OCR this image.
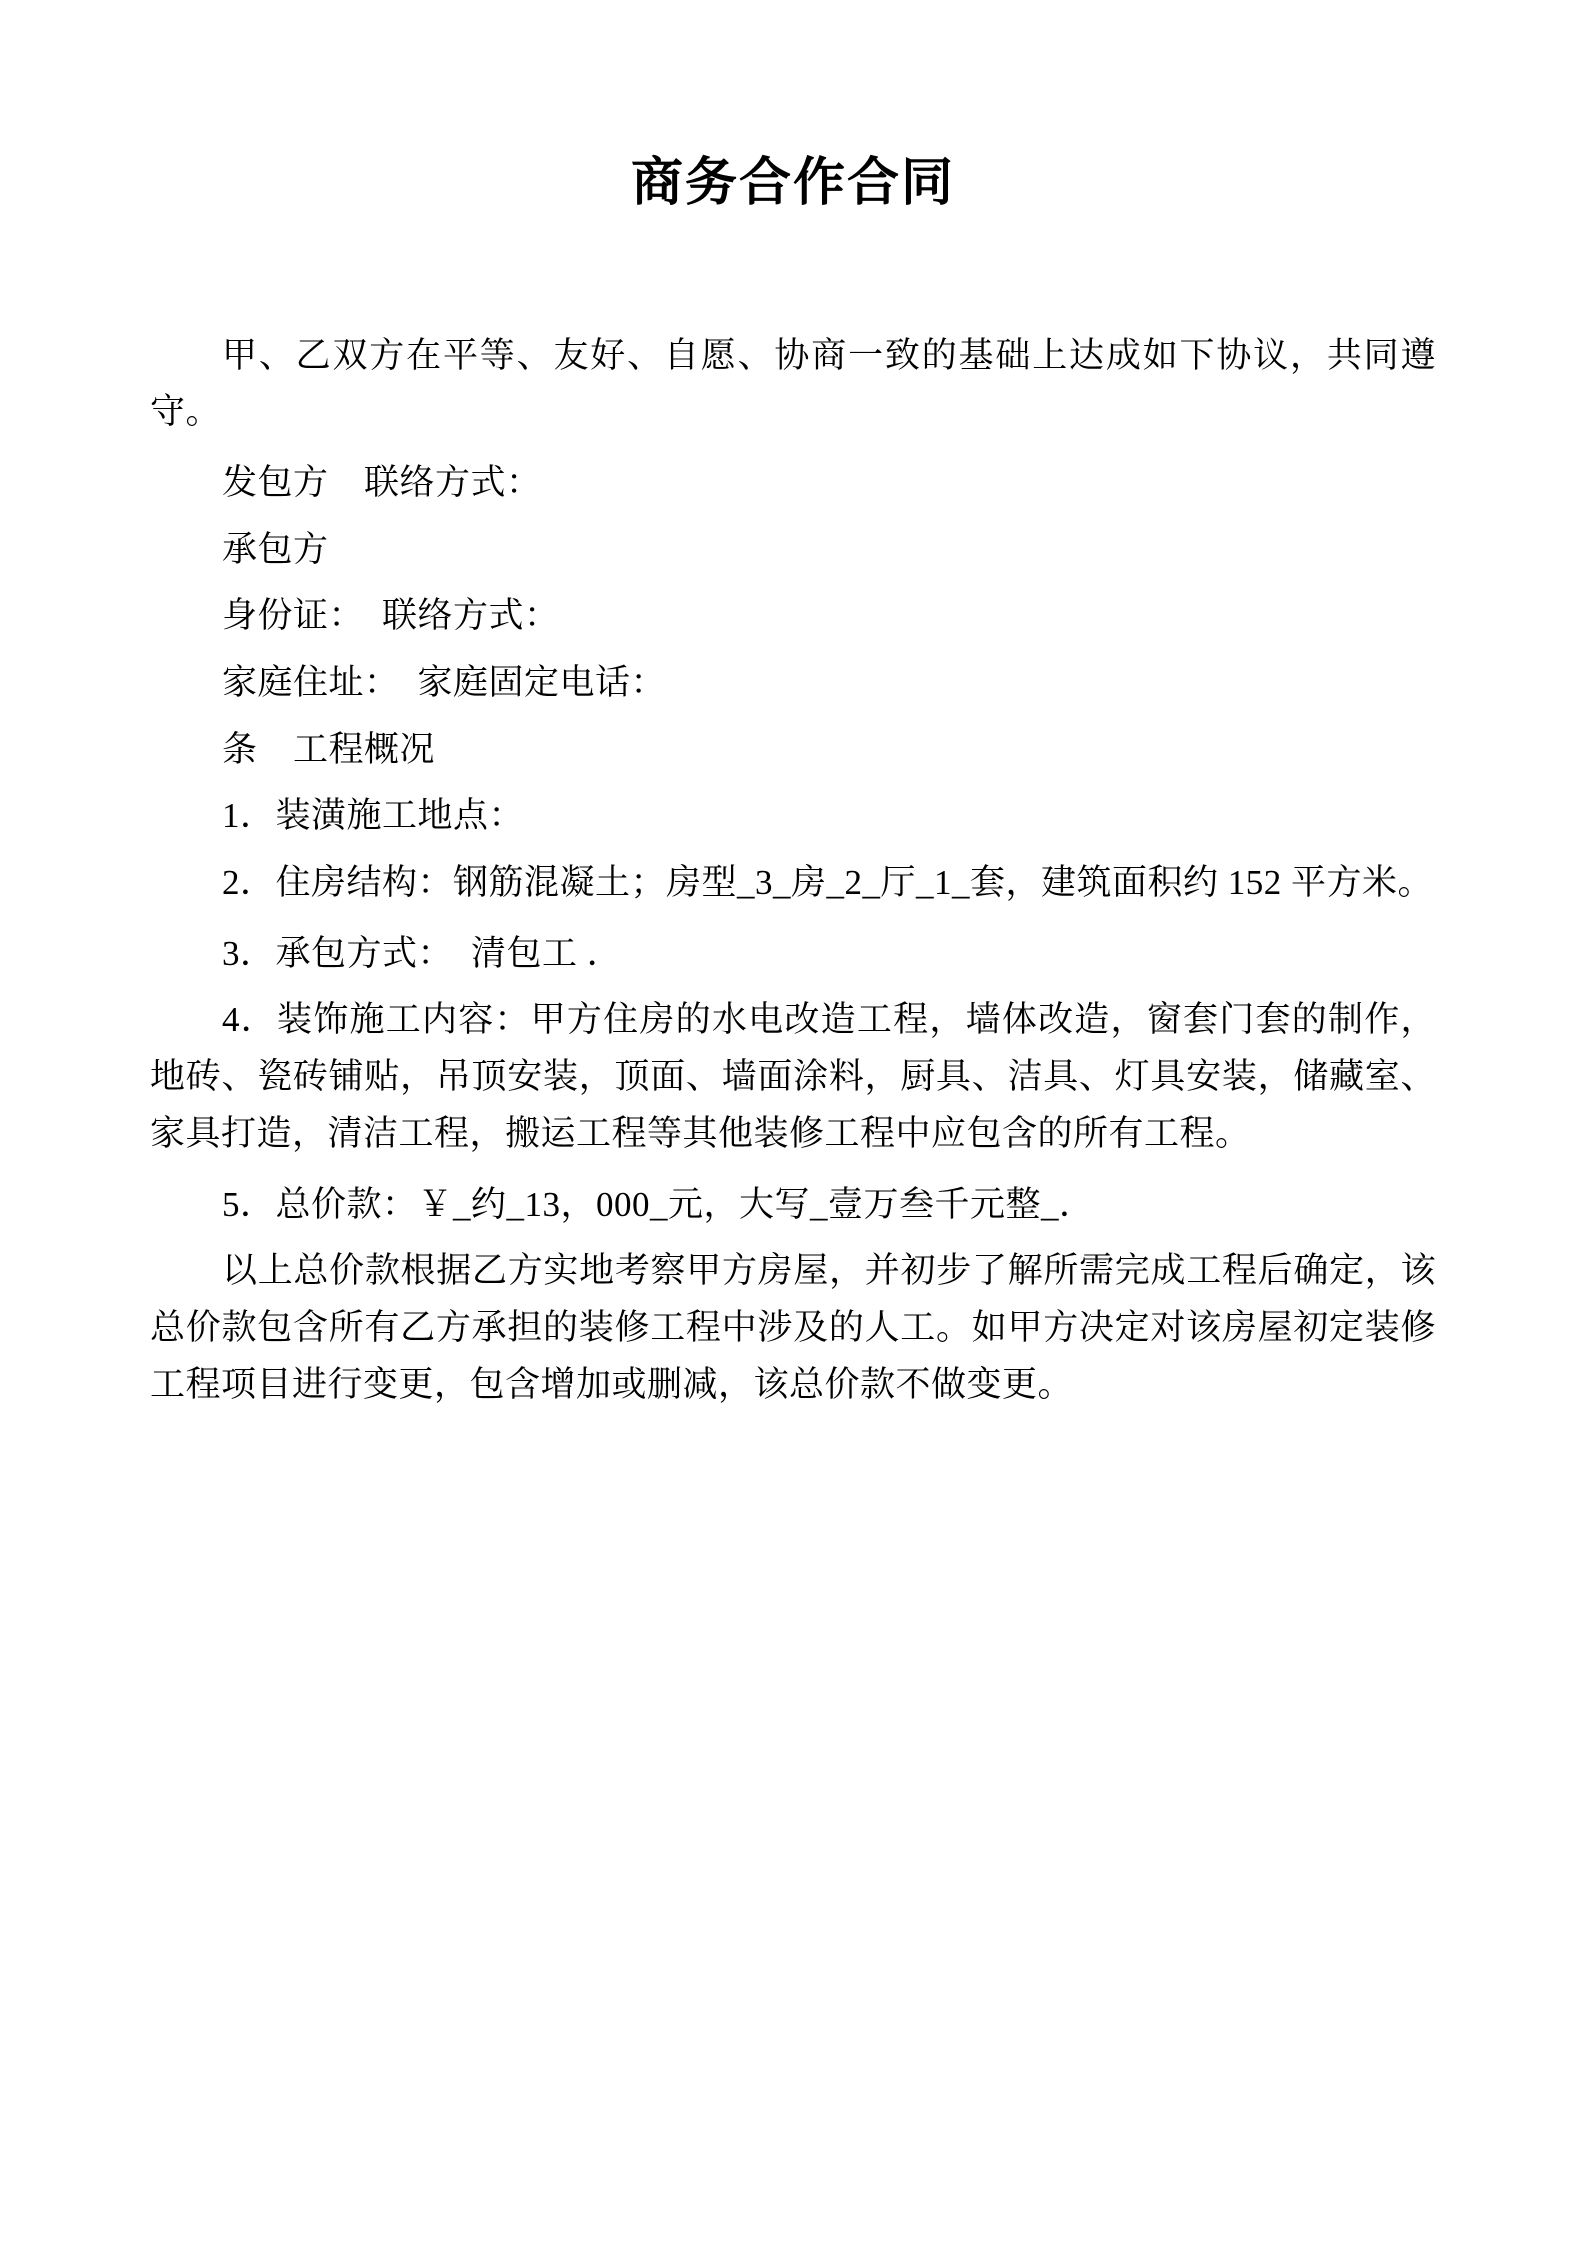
商务合作合同

甲、乙双方在平等、友好、自愿、协商一致的基础上达成如下协议，共同遵守。

发包方　联络方式：

承包方

身份证：　联络方式：

家庭住址：　家庭固定电话：

条　工程概况

1．装潢施工地点：

2．住房结构：钢筋混凝土；房型_3_房_2_厅_1_套，建筑面积约 152 平方米。

3．承包方式：　清包工 ．

4．装饰施工内容：甲方住房的水电改造工程，墙体改造，窗套门套的制作，地砖、瓷砖铺贴，吊顶安装，顶面、墙面涂料，厨具、洁具、灯具安装，储藏室、家具打造，清洁工程，搬运工程等其他装修工程中应包含的所有工程。

5．总价款：￥_约_13，000_元，大写_壹万叁千元整_．

以上总价款根据乙方实地考察甲方房屋，并初步了解所需完成工程后确定，该总价款包含所有乙方承担的装修工程中涉及的人工。如甲方决定对该房屋初定装修工程项目进行变更，包含增加或删减，该总价款不做变更。
